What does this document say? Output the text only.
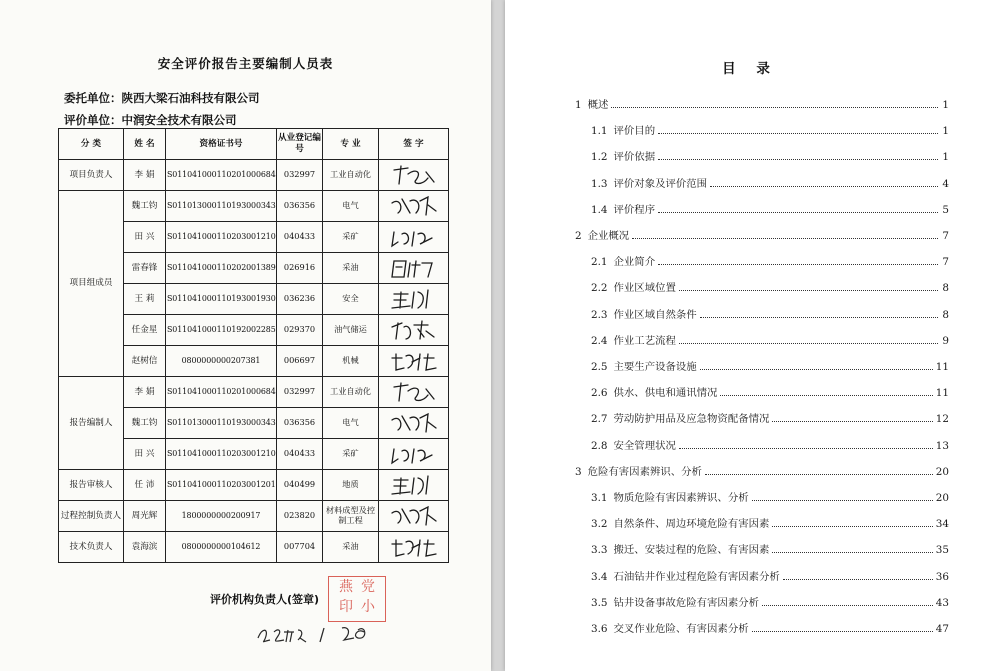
安全评价报告主要编制人员表
委托单位：陕西大梁石油科技有限公司
评价单位：中润安全技术有限公司
分 类	姓 名	资格证书号	从业登记编号	专 业	签 字
项目负责人	李 娟	S011041000110201000684	032997	工业自动化	

项目组成员	魏工钧	S011013000110193000343	036356	电气	

	田 兴	S011041000110203001210	040433	采矿	

	雷春锋	S011041000110202001389	026916	采油	

	王 莉	S011041000110193001930	036236	安全	

	任金星	S011041000110192002285	029370	油气储运	

	赵树信	0800000000207381	006697	机械	

报告编制人	李 娟	S011041000110201000684	032997	工业自动化	

	魏工钧	S011013000110193000343	036356	电气	

	田 兴	S011041000110203001210	040433	采矿	

报告审核人	任 沛	S011041000110203001201	040499	地质	

过程控制负责人	周光辉	1800000000200917	023820	材料成型及控制工程	

技术负责人	袁海滨	0800000000104612	007704	采油	
评价机构负责人(签章)
燕 党
印 小
目 录
1 概述	1
1.1 评价目的	1
1.2 评价依据	1
1.3 评价对象及评价范围	4
1.4 评价程序	5
2 企业概况	7
2.1 企业简介	7
2.2 作业区域位置	8
2.3 作业区域自然条件	8
2.4 作业工艺流程	9
2.5 主要生产设备设施	11
2.6 供水、供电和通讯情况	11
2.7 劳动防护用品及应急物资配备情况	12
2.8 安全管理状况	13
3 危险有害因素辨识、分析	20
3.1 物质危险有害因素辨识、分析	20
3.2 自然条件、周边环境危险有害因素	34
3.3 搬迁、安装过程的危险、有害因素	35
3.4 石油钻井作业过程危险有害因素分析	36
3.5 钻井设备事故危险有害因素分析	43
3.6 交叉作业危险、有害因素分析	47
